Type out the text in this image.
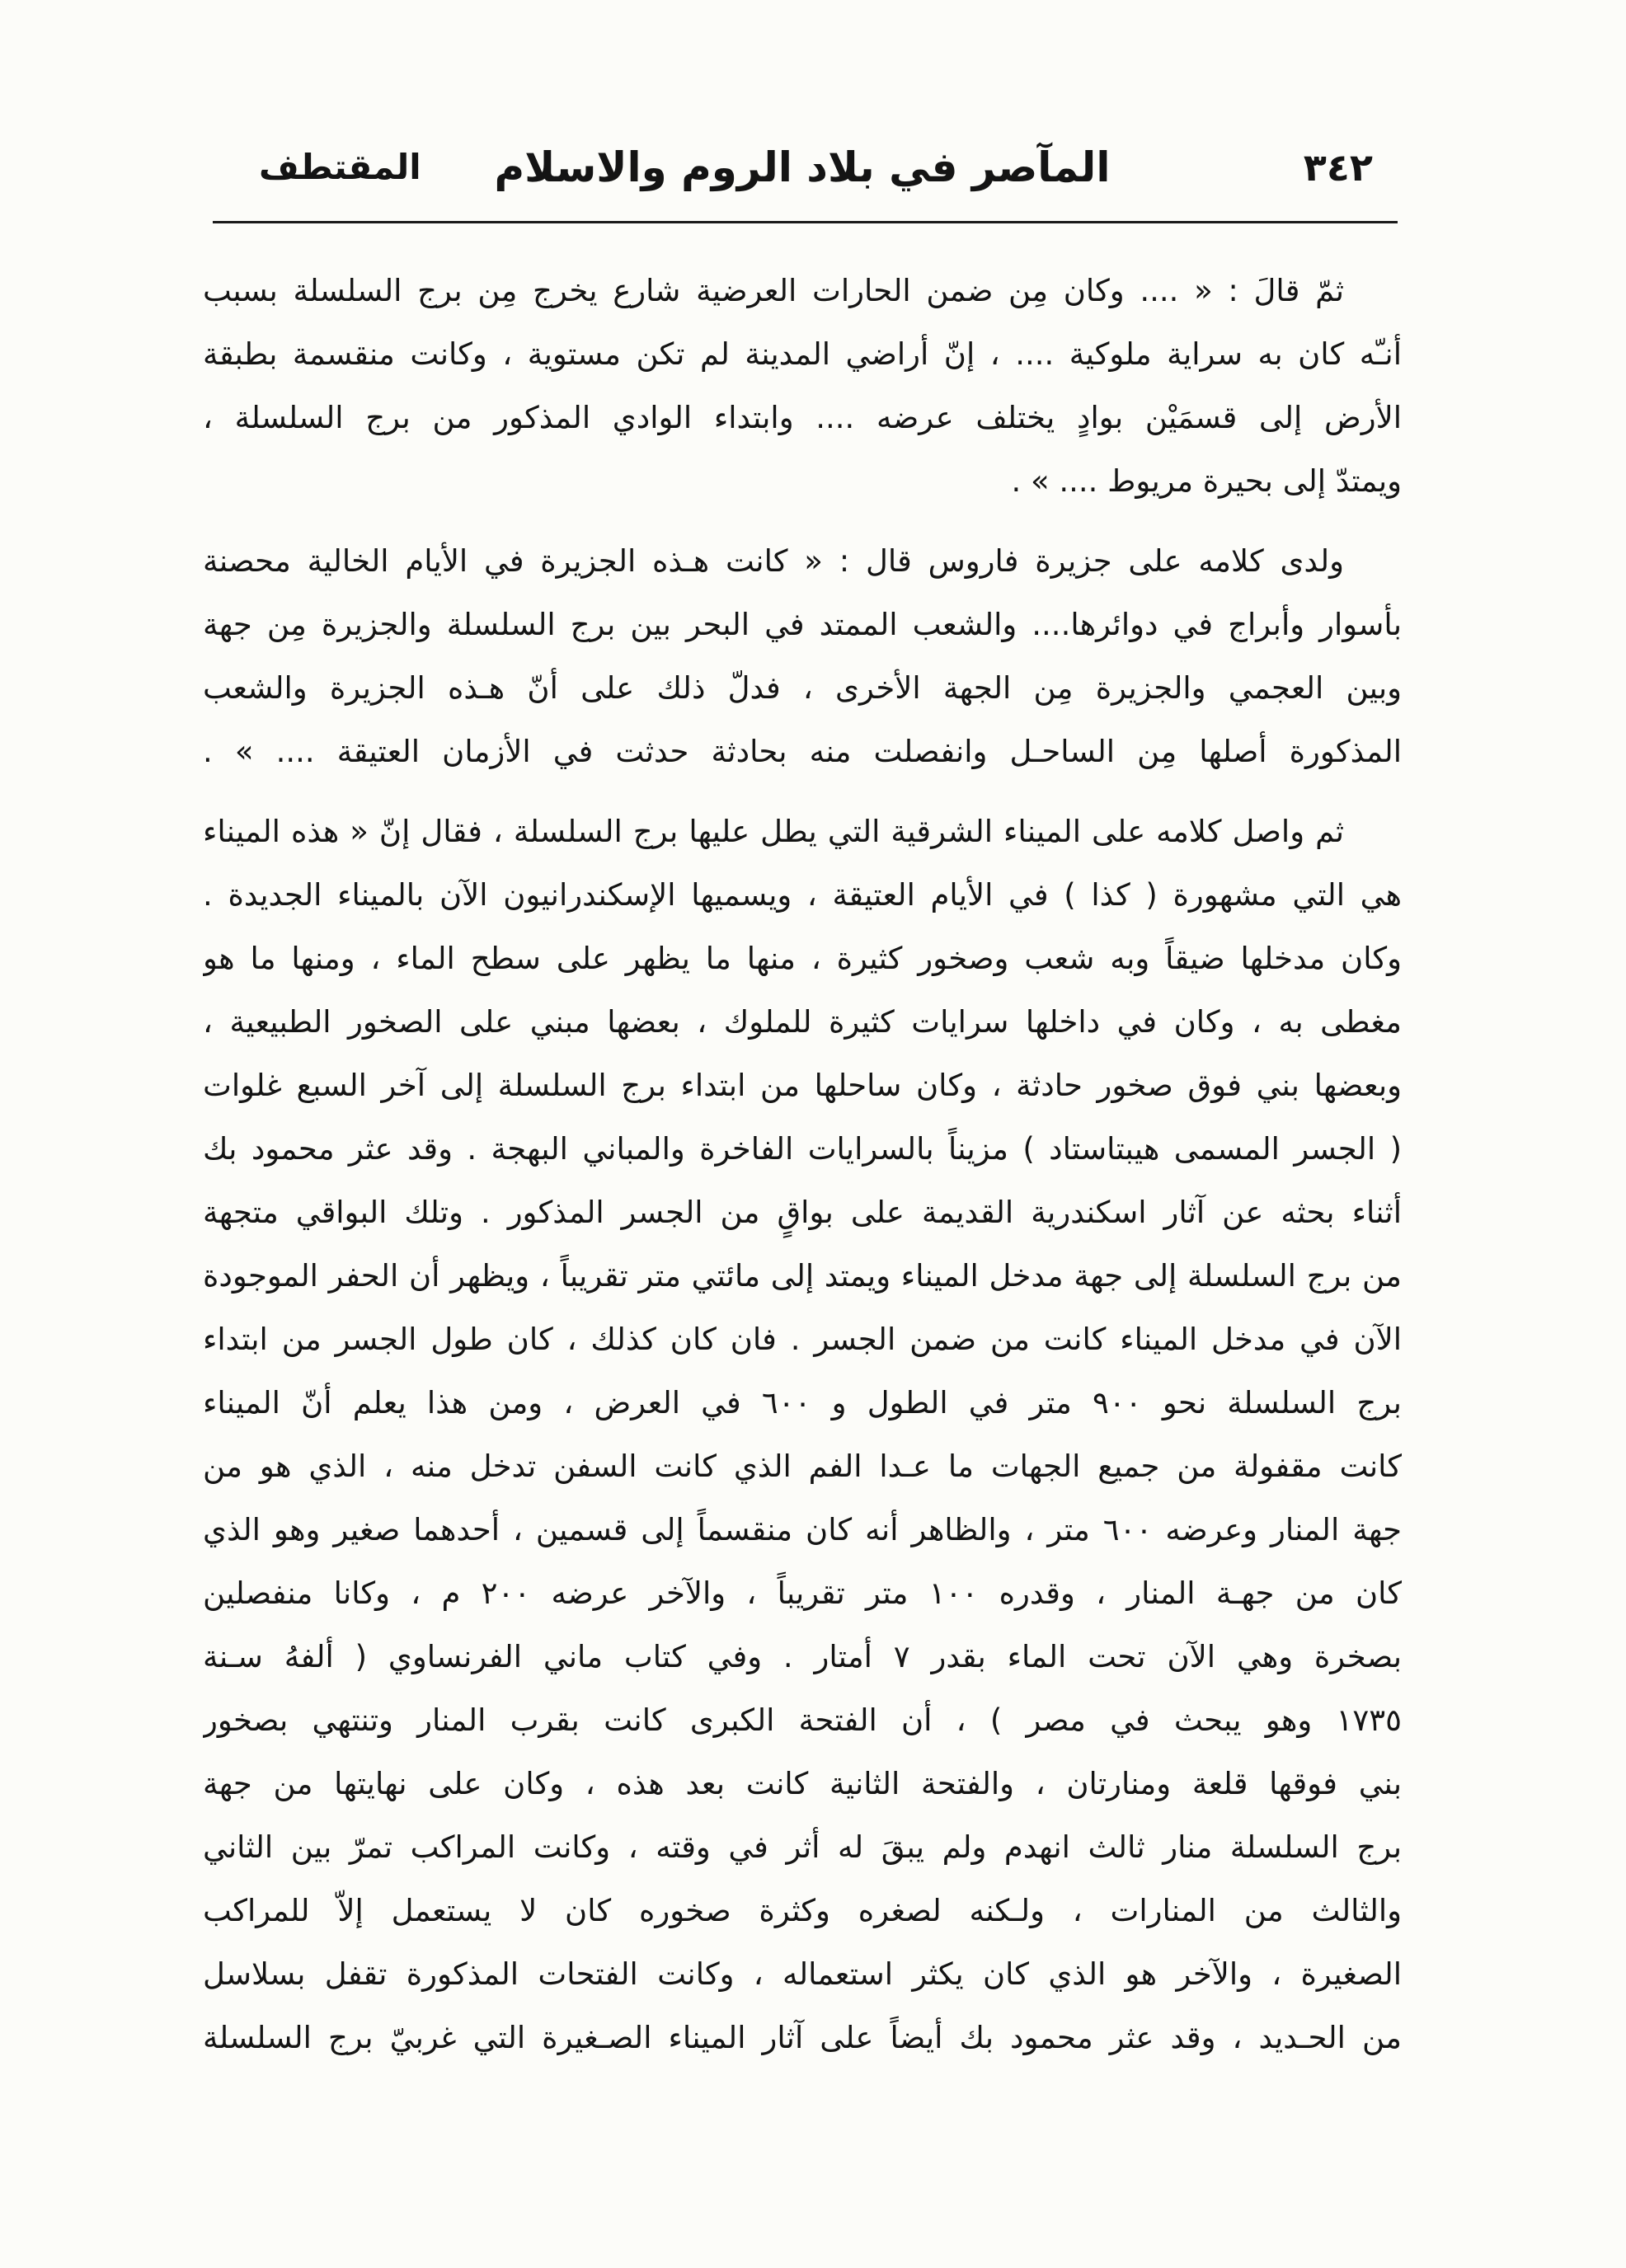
٣٤٢
المآصر في بلاد الروم والاسلام
المقتطف
ثمّ قالَ : « .... وكان مِن ضمن الحارات العرضية شارع يخرج مِن برج السلسلة بسبب
أنـّه كان به سراية ملوكية .... ، إنّ أراضي المدينة لم تكن مستوية ، وكانت منقسمة بطبقة
الأرض إلى قسمَيْن بوادٍ يختلف عرضه .... وابتداء الوادي المذكور من برج السلسلة ،
ويمتدّ إلى بحيرة مريوط .... » .
ولدى كلامه على جزيرة فاروس قال : « كانت هـذه الجزيرة في الأيام الخالية محصنة
بأسوار وأبراج في دوائرها.... والشعب الممتد في البحر بين برج السلسلة والجزيرة مِن جهة
وبين العجمي والجزيرة مِن الجهة الأخرى ، فدلّ ذلك على أنّ هـذه الجزيرة والشعب
المذكورة أصلها مِن الساحـل وانفصلت منه بحادثة حدثت في الأزمان العتيقة .... » .
ثم واصل كلامه على الميناء الشرقية التي يطل عليها برج السلسلة ، فقال إنّ « هذه الميناء
هي التي مشهورة ( كذا ) في الأيام العتيقة ، ويسميها الإسكندرانيون الآن بالميناء الجديدة .
وكان مدخلها ضيقاً وبه شعب وصخور كثيرة ، منها ما يظهر على سطح الماء ، ومنها ما هو
مغطى به ، وكان في داخلها سرايات كثيرة للملوك ، بعضها مبني على الصخور الطبيعية ،
وبعضها بني فوق صخور حادثة ، وكان ساحلها من ابتداء برج السلسلة إلى آخر السبع غلوات
( الجسر المسمى هيبتاستاد ) مزيناً بالسرايات الفاخرة والمباني البهجة . وقد عثر محمود بك
أثناء بحثه عن آثار اسكندرية القديمة على بواقٍ من الجسر المذكور . وتلك البواقي متجهة
من برج السلسلة إلى جهة مدخل الميناء ويمتد إلى مائتي متر تقريباً ، ويظهر أن الحفر الموجودة
الآن في مدخل الميناء كانت من ضمن الجسر . فان كان كذلك ، كان طول الجسر من ابتداء
برج السلسلة نحو ٩٠٠ متر في الطول و ٦٠٠ في العرض ، ومن هذا يعلم أنّ الميناء
كانت مقفولة من جميع الجهات ما عـدا الفم الذي كانت السفن تدخل منه ، الذي هو من
جهة المنار وعرضه ٦٠٠ متر ، والظاهر أنه كان منقسماً إلى قسمين ، أحدهما صغير وهو الذي
كان من جهـة المنار ، وقدره ١٠٠ متر تقريباً ، والآخر عرضه ٢٠٠ م ، وكانا منفصلين
بصخرة وهي الآن تحت الماء بقدر ٧ أمتار . وفي كتاب ماني الفرنساوي ( ألفهُ سـنة
١٧٣٥ وهو يبحث في مصر ) ، أن الفتحة الكبرى كانت بقرب المنار وتنتهي بصخور
بني فوقها قلعة ومنارتان ، والفتحة الثانية كانت بعد هذه ، وكان على نهايتها من جهة
برج السلسلة منار ثالث انهدم ولم يبقَ له أثر في وقته ، وكانت المراكب تمرّ بين الثاني
والثالث من المنارات ، ولـكنه لصغره وكثرة صخوره كان لا يستعمل إلاّ للمراكب
الصغيرة ، والآخر هو الذي كان يكثر استعماله ، وكانت الفتحات المذكورة تقفل بسلاسل
من الحـديد ، وقد عثر محمود بك أيضاً على آثار الميناء الصـغيرة التي غربيّ برج السلسلة
